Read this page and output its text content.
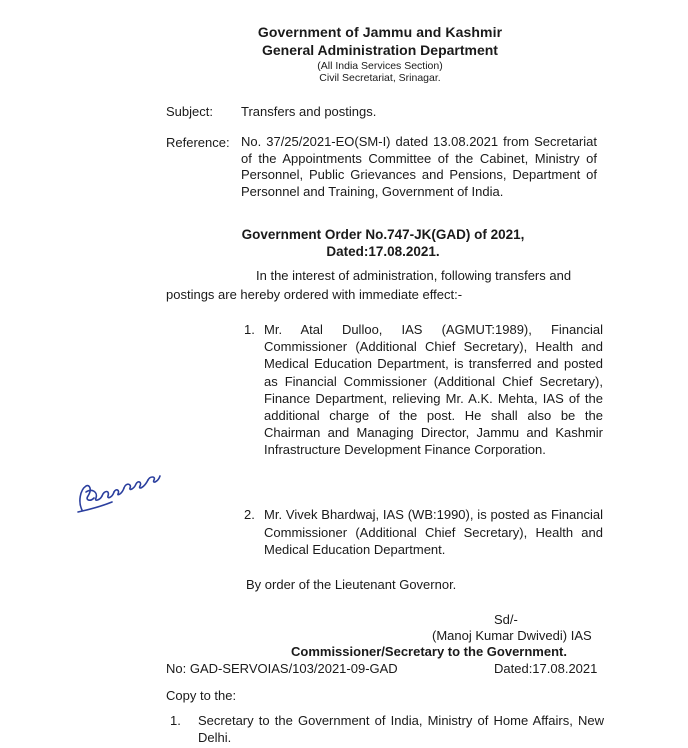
Government of Jammu and Kashmir
General Administration Department
(All India Services Section)
Civil Secretariat, Srinagar.
Subject: Transfers and postings.
Reference: No. 37/25/2021-EO(SM-I) dated 13.08.2021 from Secretariat of the Appointments Committee of the Cabinet, Ministry of Personnel, Public Grievances and Pensions, Department of Personnel and Training, Government of India.
Government Order No.747-JK(GAD) of 2021,
Dated:17.08.2021.
In the interest of administration, following transfers and postings are hereby ordered with immediate effect:-
1. Mr. Atal Dulloo, IAS (AGMUT:1989), Financial Commissioner (Additional Chief Secretary), Health and Medical Education Department, is transferred and posted as Financial Commissioner (Additional Chief Secretary), Finance Department, relieving Mr. A.K. Mehta, IAS of the additional charge of the post. He shall also be the Chairman and Managing Director, Jammu and Kashmir Infrastructure Development Finance Corporation.
2. Mr. Vivek Bhardwaj, IAS (WB:1990), is posted as Financial Commissioner (Additional Chief Secretary), Health and Medical Education Department.
By order of the Lieutenant Governor.
Sd/-
(Manoj Kumar Dwivedi) IAS
Commissioner/Secretary to the Government.
No: GAD-SERVOIAS/103/2021-09-GAD	Dated:17.08.2021
Copy to the:
1. Secretary to the Government of India, Ministry of Home Affairs, New Delhi.
